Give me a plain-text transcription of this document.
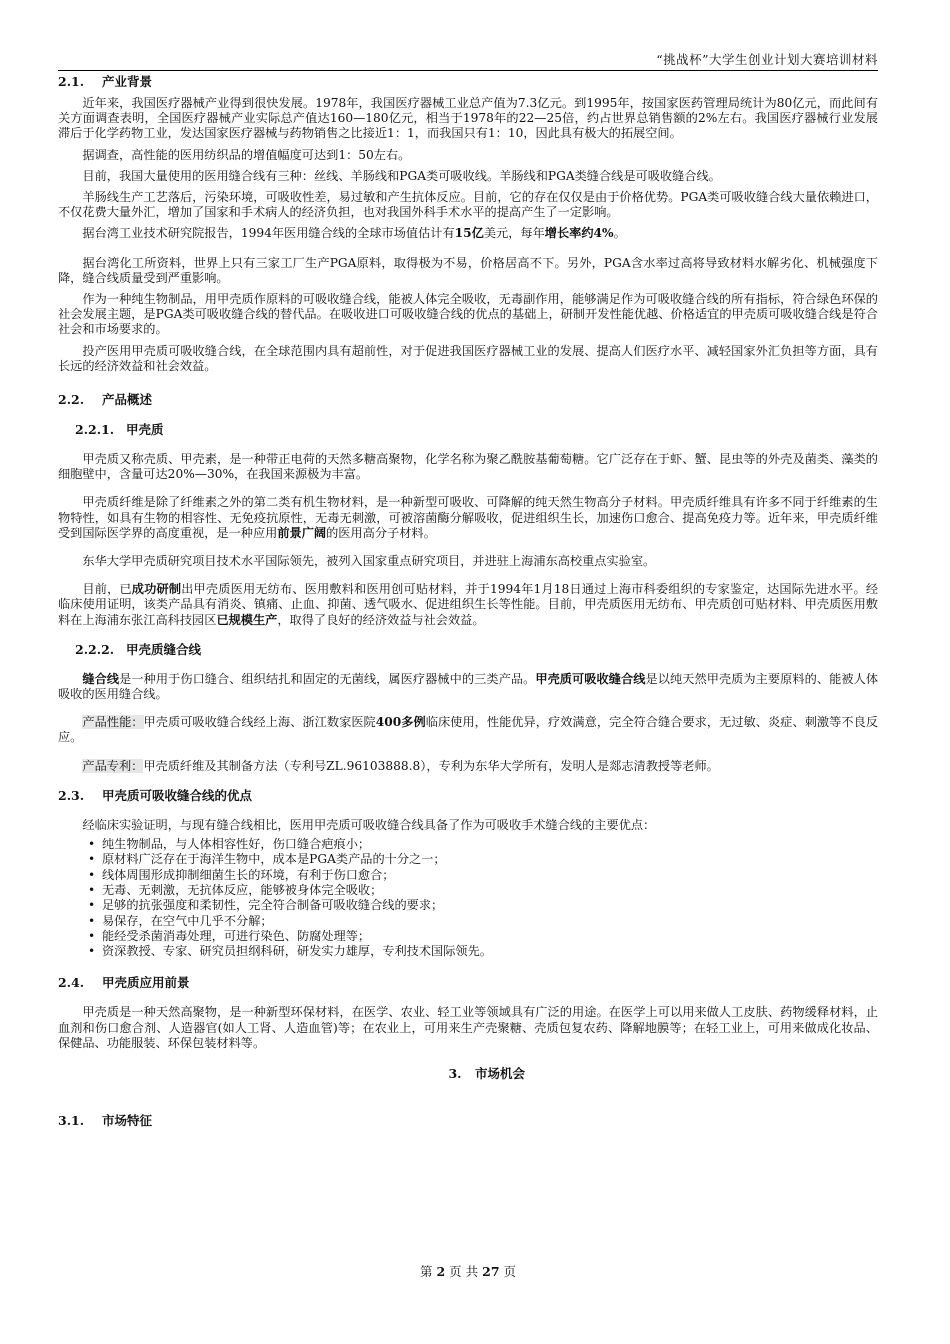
“挑战杯”大学生创业计划大赛培训材料
2.1. 产业背景

近年来，我国医疗器械产业得到很快发展。1978年，我国医疗器械工业总产值为7.3亿元。到1995年，按国家医药管理局统计为80亿元，而此间有关方面调查表明，全国医疗器械产业实际总产值达160—180亿元，相当于1978年的22—25倍，约占世界总销售额的2%左右。我国医疗器械行业发展滞后于化学药物工业，发达国家医疗器械与药物销售之比接近1：1，而我国只有1：10，因此具有极大的拓展空间。

据调查，高性能的医用纺织品的增值幅度可达到1：50左右。

目前，我国大量使用的医用缝合线有三种：丝线、羊肠线和PGA类可吸收线。羊肠线和PGA类缝合线是可吸收缝合线。

羊肠线生产工艺落后，污染环境，可吸收性差，易过敏和产生抗体反应。目前，它的存在仅仅是由于价格优势。PGA类可吸收缝合线大量依赖进口，不仅花费大量外汇，增加了国家和手术病人的经济负担，也对我国外科手术水平的提高产生了一定影响。

据台湾工业技术研究院报告，1994年医用缝合线的全球市场值估计有15亿美元，每年增长率约4%。

据台湾化工所资料，世界上只有三家工厂生产PGA原料，取得极为不易，价格居高不下。另外，PGA含水率过高将导致材料水解劣化、机械强度下降，缝合线质量受到严重影响。

作为一种纯生物制品，用甲壳质作原料的可吸收缝合线，能被人体完全吸收，无毒副作用，能够满足作为可吸收缝合线的所有指标，符合绿色环保的社会发展主题，是PGA类可吸收缝合线的替代品。在吸收进口可吸收缝合线的优点的基础上，研制开发性能优越、价格适宜的甲壳质可吸收缝合线是符合社会和市场要求的。

投产医用甲壳质可吸收缝合线，在全球范围内具有超前性，对于促进我国医疗器械工业的发展、提高人们医疗水平、减轻国家外汇负担等方面，具有长远的经济效益和社会效益。

2.2. 产品概述
2.2.1. 甲壳质

甲壳质又称壳质、甲壳素，是一种带正电荷的天然多糖高聚物，化学名称为聚乙酰胺基葡萄糖。它广泛存在于虾、蟹、昆虫等的外壳及菌类、藻类的细胞壁中，含量可达20%—30%，在我国来源极为丰富。

甲壳质纤维是除了纤维素之外的第二类有机生物材料，是一种新型可吸收、可降解的纯天然生物高分子材料。甲壳质纤维具有许多不同于纤维素的生物特性，如具有生物的相容性、无免疫抗原性，无毒无刺激，可被溶菌酶分解吸收，促进组织生长，加速伤口愈合、提高免疫力等。近年来，甲壳质纤维受到国际医学界的高度重视，是一种应用前景广阔的医用高分子材料。

东华大学甲壳质研究项目技术水平国际领先，被列入国家重点研究项目，并进驻上海浦东高校重点实验室。

目前，已成功研制出甲壳质医用无纺布、医用敷料和医用创可贴材料，并于1994年1月18日通过上海市科委组织的专家鉴定，达国际先进水平。经临床使用证明，该类产品具有消炎、镇痛、止血、抑菌、透气吸水、促进组织生长等性能。目前，甲壳质医用无纺布、甲壳质创可贴材料、甲壳质医用敷料在上海浦东张江高科技园区已规模生产，取得了良好的经济效益与社会效益。

2.2.2. 甲壳质缝合线

缝合线是一种用于伤口缝合、组织结扎和固定的无菌线，属医疗器械中的三类产品。甲壳质可吸收缝合线是以纯天然甲壳质为主要原料的、能被人体吸收的医用缝合线。

产品性能：甲壳质可吸收缝合线经上海、浙江数家医院400多例临床使用，性能优异，疗效满意，完全符合缝合要求，无过敏、炎症、刺激等不良反应。

产品专利：甲壳质纤维及其制备方法（专利号ZL.96103888.8），专利为东华大学所有，发明人是郯志清教授等老师。

2.3. 甲壳质可吸收缝合线的优点

经临床实验证明，与现有缝合线相比，医用甲壳质可吸收缝合线具备了作为可吸收手术缝合线的主要优点：

• 纯生物制品，与人体相容性好，伤口缝合疤痕小；
• 原材料广泛存在于海洋生物中，成本是PGA类产品的十分之一；
• 线体周围形成抑制细菌生长的环境，有利于伤口愈合；
• 无毒、无刺激，无抗体反应，能够被身体完全吸收；
• 足够的抗张强度和柔韧性，完全符合制备可吸收缝合线的要求；
• 易保存，在空气中几乎不分解；
• 能经受杀菌消毒处理，可进行染色、防腐处理等；
• 资深教授、专家、研究员担纲科研，研发实力雄厚，专利技术国际领先。
2.4. 甲壳质应用前景

甲壳质是一种天然高聚物，是一种新型环保材料，在医学、农业、轻工业等领域具有广泛的用途。在医学上可以用来做人工皮肤、药物缓释材料，止血剂和伤口愈合剂、人造器官(如人工肾、人造血管)等；在农业上，可用来生产壳聚糖、壳质包复农药、降解地膜等；在轻工业上，可用来做成化妆品、保健品、功能服装、环保包装材料等。

3. 市场机会
3.1. 市场特征
第 2 页 共 27 页
